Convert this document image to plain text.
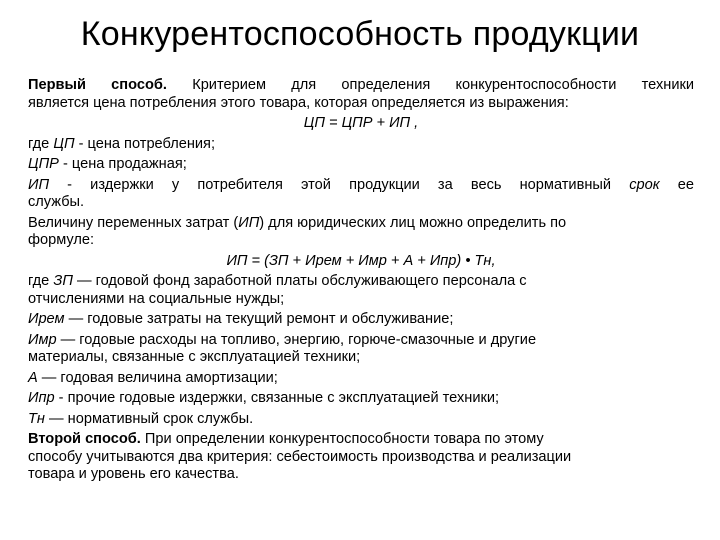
Конкурентоспособность продукции
Первый способ. Критерием для определения конкурентоспособности техники
является цена потребления этого товара, которая определяется из выражения:
ЦП = ЦПР + ИП ,
где ЦП - цена потребления;
ЦПР - цена продажная;
ИП - издержки у потребителя этой продукции за весь нормативный срок ее
службы.
Величину переменных затрат (ИП) для юридических лиц можно определить по
формуле:
ИП = (ЗП + Ирем + Имр + А + Ипр) • Тн,
где ЗП — годовой фонд заработной платы обслуживающего персонала с
отчислениями на социальные нужды;
Ирем — годовые затраты на текущий ремонт и обслуживание;
Имр — годовые расходы на топливо, энергию, горюче-смазочные и другие
материалы, связанные с эксплуатацией техники;
А — годовая величина амортизации;
Ипр - прочие годовые издержки, связанные с эксплуатацией техники;
Тн — нормативный срок службы.
Второй способ. При определении конкурентоспособности товара по этому
способу учитываются два критерия: себестоимость производства и реализации
товара и уровень его качества.
